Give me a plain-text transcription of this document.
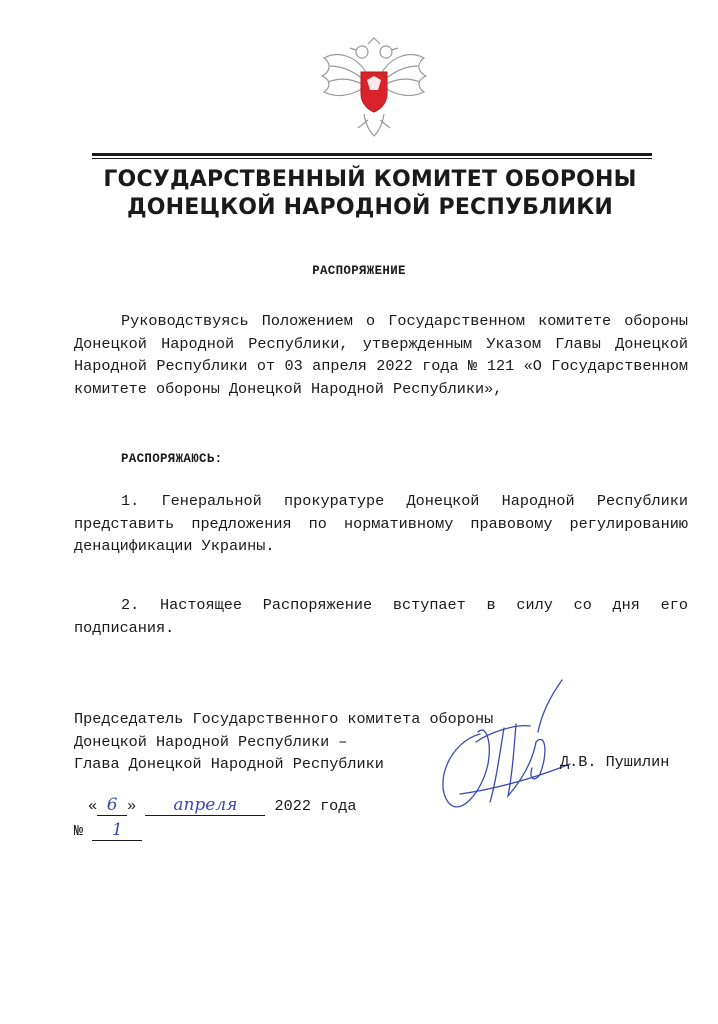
ГОСУДАРСТВЕННЫЙ КОМИТЕТ ОБОРОНЫ
ДОНЕЦКОЙ НАРОДНОЙ РЕСПУБЛИКИ
РАСПОРЯЖЕНИЕ
Руководствуясь Положением о Государственном комитете обороны Донецкой Народной Республики, утвержденным Указом Главы Донецкой Народной Республики от 03 апреля 2022 года № 121 «О Государственном комитете обороны Донецкой Народной Республики»,
РАСПОРЯЖАЮСЬ:
1. Генеральной прокуратуре Донецкой Народной Республики представить предложения по нормативному правовому регулированию денацификации Украины.
2. Настоящее Распоряжение вступает в силу со дня его подписания.
Председатель Государственного комитета обороны
Донецкой Народной Республики –
Глава Донецкой Народной Республики	Д.В. Пушилин
« 6 » апреля 2022 года
№ 1
